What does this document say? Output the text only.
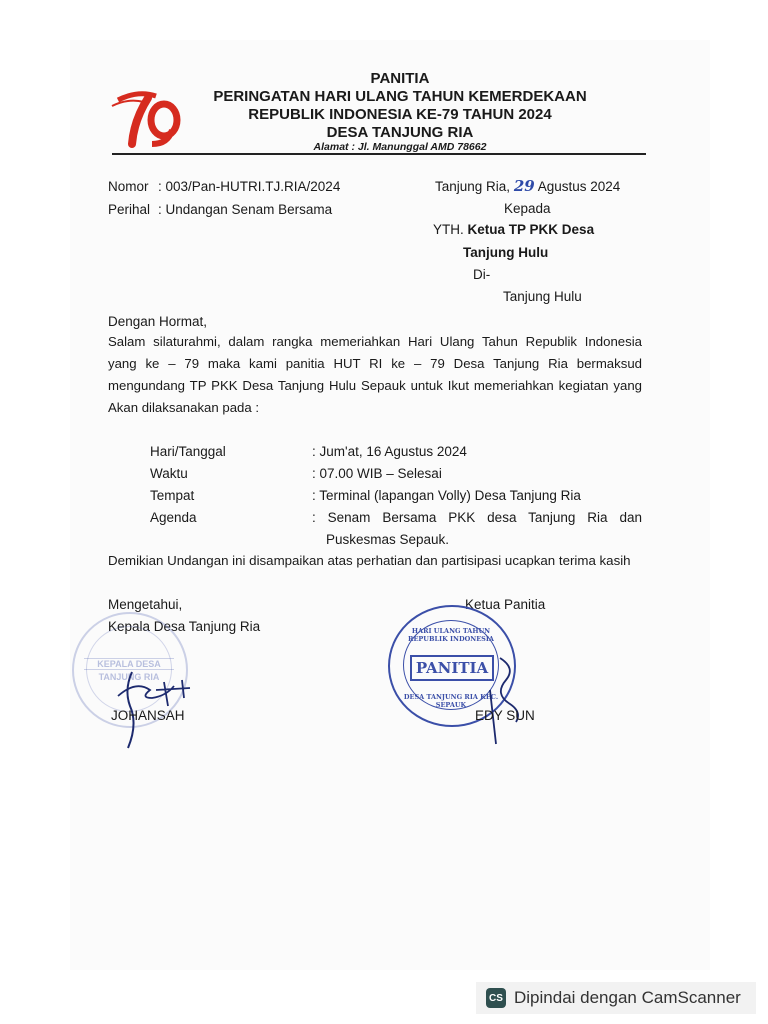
PANITIA
PERINGATAN HARI ULANG TAHUN KEMERDEKAAN
REPUBLIK INDONESIA KE-79 TAHUN 2024
DESA TANJUNG RIA
Alamat : Jl. Manunggal AMD 78662
Nomor : 003/Pan-HUTRI.TJ.RIA/2024
Perihal : Undangan Senam Bersama
Tanjung Ria, 29 Agustus 2024
Kepada
YTH. Ketua TP PKK Desa
Tanjung Hulu
Di-
Tanjung Hulu
Dengan Hormat,
Salam silaturahmi, dalam rangka memeriahkan Hari Ulang Tahun Republik Indonesia
yang ke – 79 maka kami panitia HUT RI ke – 79 Desa Tanjung Ria bermaksud
mengundang TP PKK Desa Tanjung Hulu Sepauk untuk Ikut memeriahkan kegiatan yang
Akan dilaksanakan pada :
Hari/Tanggal	: Jum'at, 16 Agustus 2024
Waktu	: 07.00 WIB – Selesai
Tempat	: Terminal (lapangan Volly) Desa Tanjung Ria
Agenda	: Senam Bersama PKK desa Tanjung Ria dan
Puskesmas Sepauk.
Demikian Undangan ini disampaikan atas perhatian dan partisipasi ucapkan terima kasih
Mengetahui,
Kepala Desa Tanjung Ria
Ketua Panitia
KEPALA DESA
TANJUNG RIA
JOHANSAH
PANITIA
HARI ULANG TAHUN REPUBLIK INDONESIA
DESA TANJUNG RIA KEC. SEPAUK
EDY SUN
CS Dipindai dengan CamScanner
